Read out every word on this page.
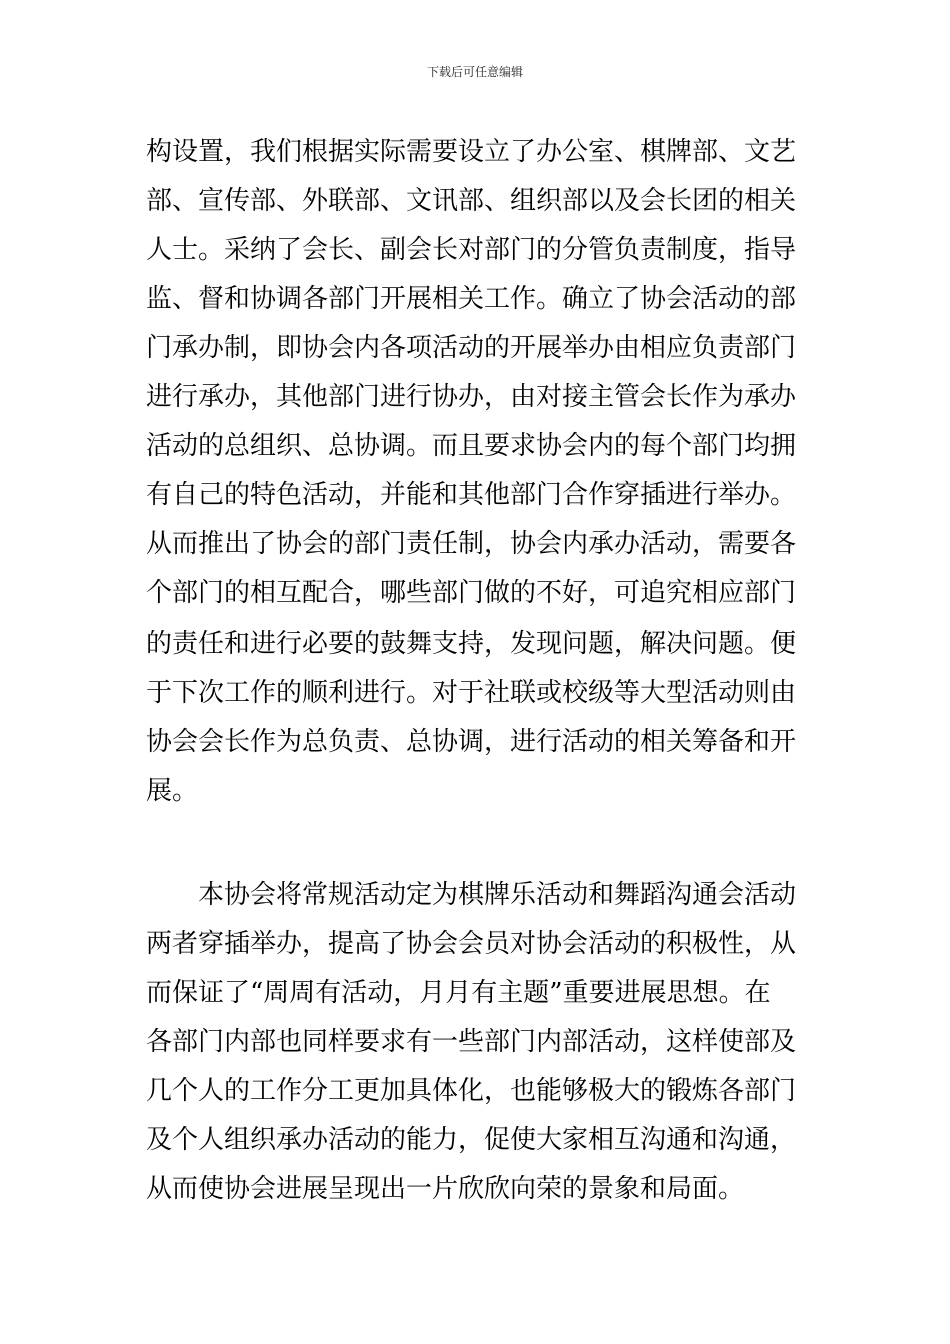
下载后可任意编辑
构设置，我们根据实际需要设立了办公室、棋牌部、文艺
部、宣传部、外联部、文讯部、组织部以及会长团的相关
人士。采纳了会长、副会长对部门的分管负责制度，指导
监、督和协调各部门开展相关工作。确立了协会活动的部
门承办制，即协会内各项活动的开展举办由相应负责部门
进行承办，其他部门进行协办，由对接主管会长作为承办
活动的总组织、总协调。而且要求协会内的每个部门均拥
有自己的特色活动，并能和其他部门合作穿插进行举办。
从而推出了协会的部门责任制，协会内承办活动，需要各
个部门的相互配合，哪些部门做的不好，可追究相应部门
的责任和进行必要的鼓舞支持，发现问题，解决问题。便
于下次工作的顺利进行。对于社联或校级等大型活动则由
协会会长作为总负责、总协调，进行活动的相关筹备和开
展。
本协会将常规活动定为棋牌乐活动和舞蹈沟通会活动
两者穿插举办，提高了协会会员对协会活动的积极性，从
而保证了“周周有活动，月月有主题”重要进展思想。在
各部门内部也同样要求有一些部门内部活动，这样使部及
几个人的工作分工更加具体化，也能够极大的锻炼各部门
及个人组织承办活动的能力，促使大家相互沟通和沟通，
从而使协会进展呈现出一片欣欣向荣的景象和局面。
